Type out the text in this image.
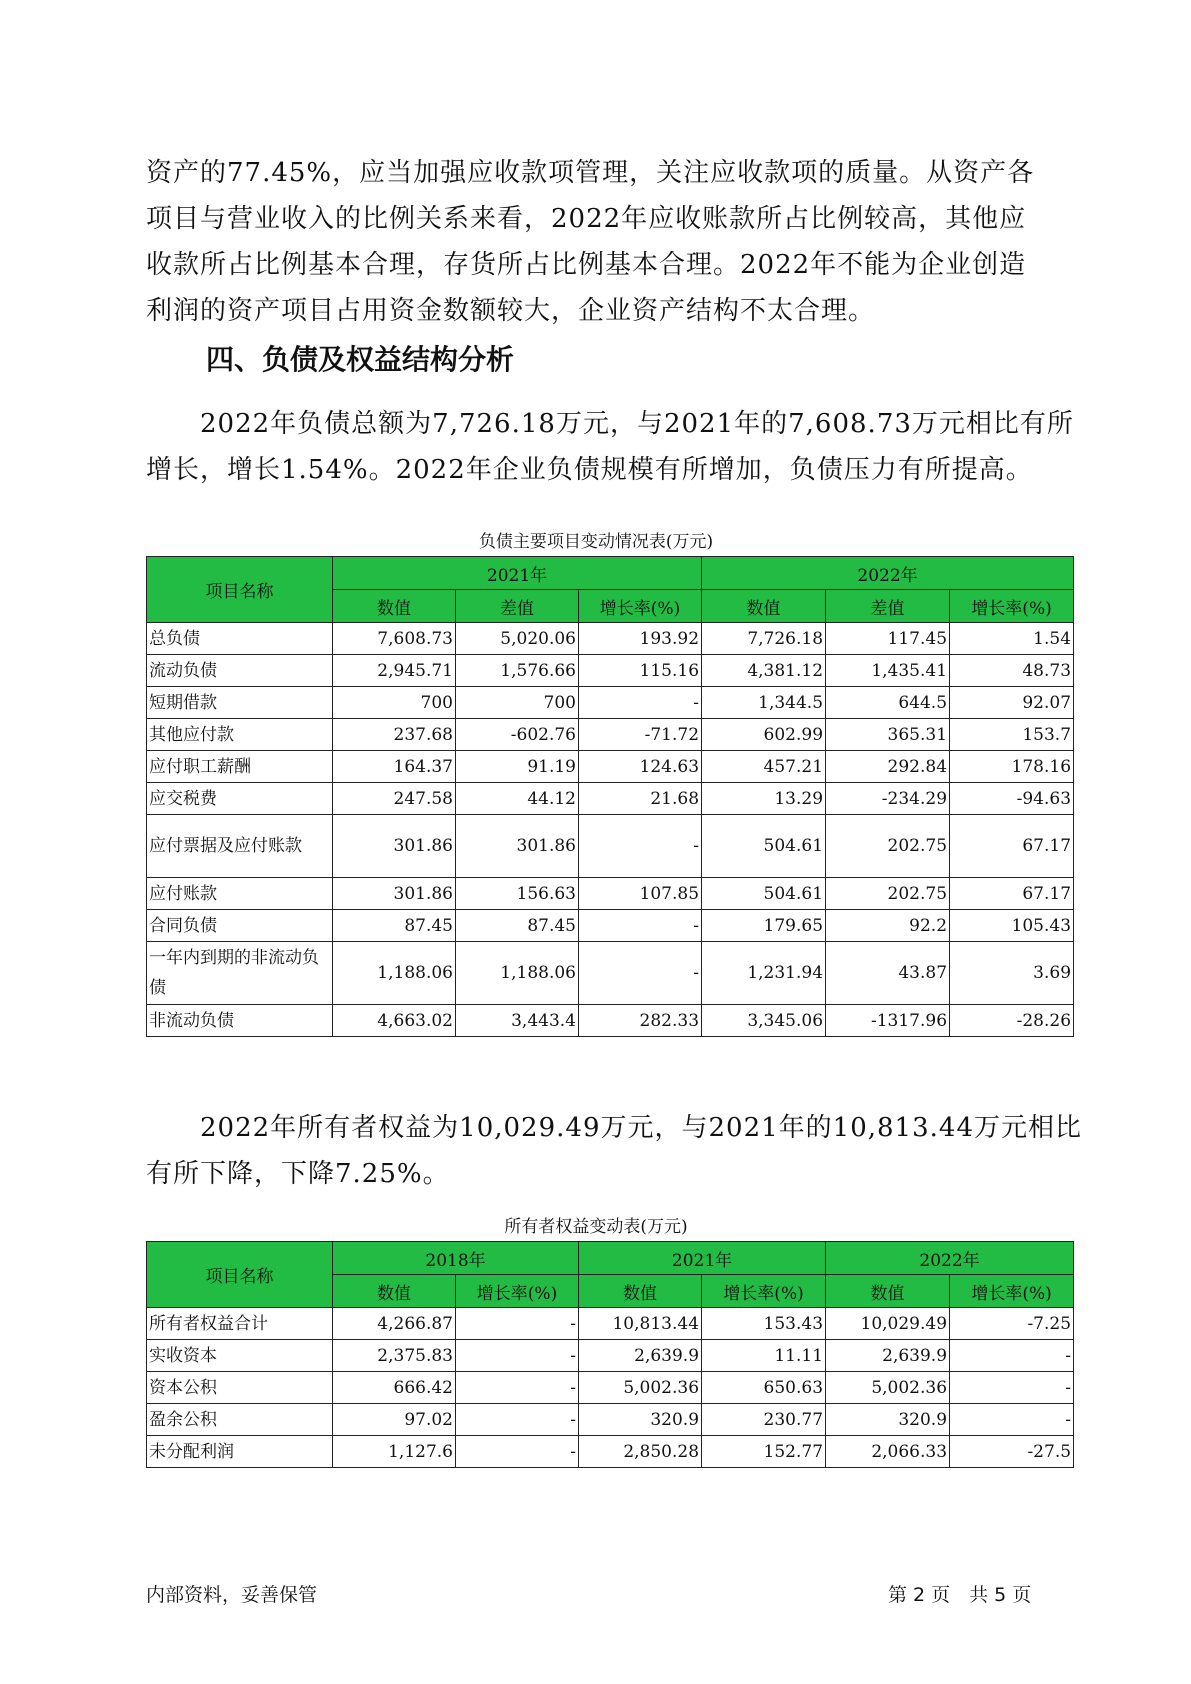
资产的77.45%，应当加强应收款项管理，关注应收款项的质量。从资产各
项目与营业收入的比例关系来看，2022年应收账款所占比例较高，其他应
收款所占比例基本合理，存货所占比例基本合理。2022年不能为企业创造
利润的资产项目占用资金数额较大，企业资产结构不太合理。

四、负债及权益结构分析

　　2022年负债总额为7,726.18万元，与2021年的7,608.73万元相比有所
增长，增长1.54%。2022年企业负债规模有所增加，负债压力有所提高。

负债主要项目变动情况表(万元)
项目名称	2021年			2022年		
	数值	差值	增长率(%)	数值	差值	增长率(%)
总负债	7,608.73	5,020.06	193.92	7,726.18	117.45	1.54
流动负债	2,945.71	1,576.66	115.16	4,381.12	1,435.41	48.73
短期借款	700	700	-	1,344.5	644.5	92.07
其他应付款	237.68	-602.76	-71.72	602.99	365.31	153.7
应付职工薪酬	164.37	91.19	124.63	457.21	292.84	178.16
应交税费	247.58	44.12	21.68	13.29	-234.29	-94.63
应付票据及应付账款	301.86	301.86	-	504.61	202.75	67.17
应付账款	301.86	156.63	107.85	504.61	202.75	67.17
合同负债	87.45	87.45	-	179.65	92.2	105.43
一年内到期的非流动负债	1,188.06	1,188.06	-	1,231.94	43.87	3.69
非流动负债	4,663.02	3,443.4	282.33	3,345.06	-1317.96	-28.26

　　2022年所有者权益为10,029.49万元，与2021年的10,813.44万元相比
有所下降，下降7.25%。

所有者权益变动表(万元)
项目名称	2018年		2021年		2022年	
	数值	增长率(%)	数值	增长率(%)	数值	增长率(%)
所有者权益合计	4,266.87	-	10,813.44	153.43	10,029.49	-7.25
实收资本	2,375.83	-	2,639.9	11.11	2,639.9	-
资本公积	666.42	-	5,002.36	650.63	5,002.36	-
盈余公积	97.02	-	320.9	230.77	320.9	-
未分配利润	1,127.6	-	2,850.28	152.77	2,066.33	-27.5
内部资料，妥善保管	第 2 页　共 5 页
